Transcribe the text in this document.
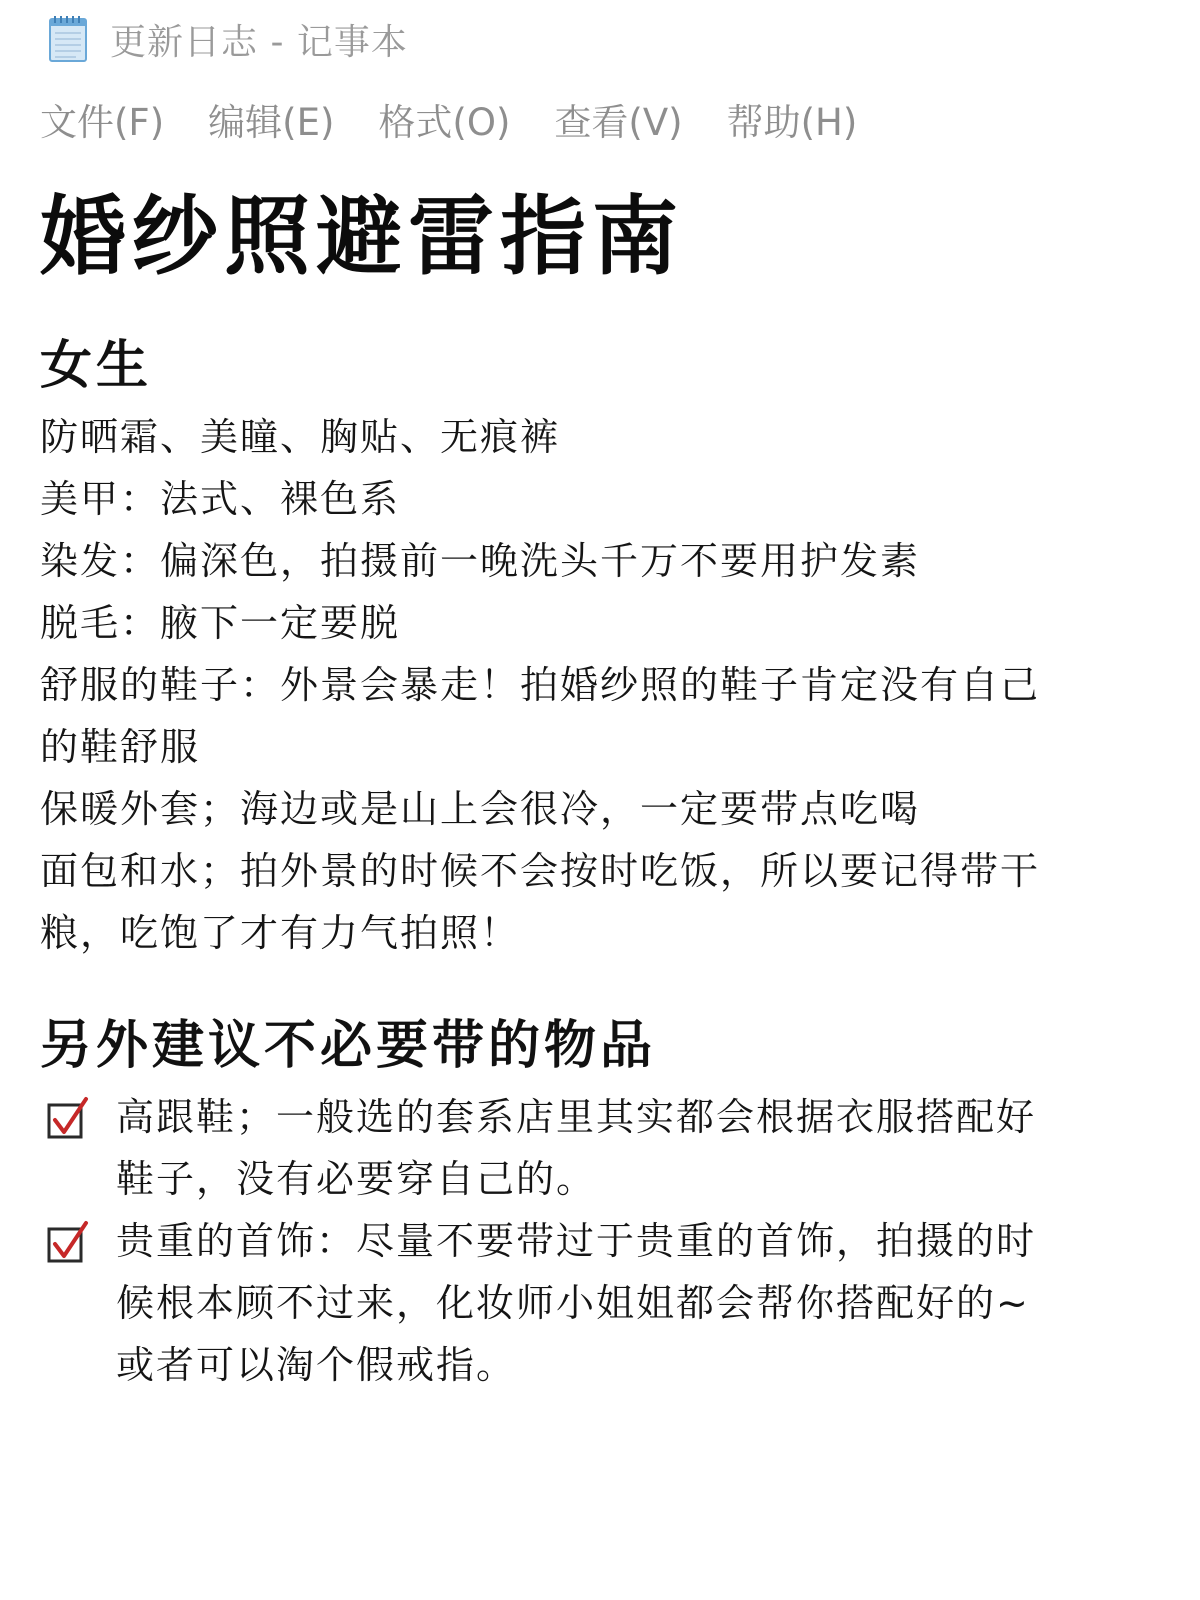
更新日志 - 记事本
文件(F) 编辑(E) 格式(O) 查看(V) 帮助(H)
婚纱照避雷指南
女生
防晒霜、美瞳、胸贴、无痕裤
美甲：法式、裸色系
染发：偏深色，拍摄前一晚洗头千万不要用护发素
脱毛：腋下一定要脱
舒服的鞋子：外景会暴走！拍婚纱照的鞋子肯定没有自己
的鞋舒服
保暖外套；海边或是山上会很冷，一定要带点吃喝
面包和水；拍外景的时候不会按时吃饭，所以要记得带干
粮，吃饱了才有力气拍照！
另外建议不必要带的物品
高跟鞋；一般选的套系店里其实都会根据衣服搭配好
鞋子，没有必要穿自己的。
贵重的首饰：尽量不要带过于贵重的首饰，拍摄的时
候根本顾不过来，化妆师小姐姐都会帮你搭配好的~
或者可以淘个假戒指。
